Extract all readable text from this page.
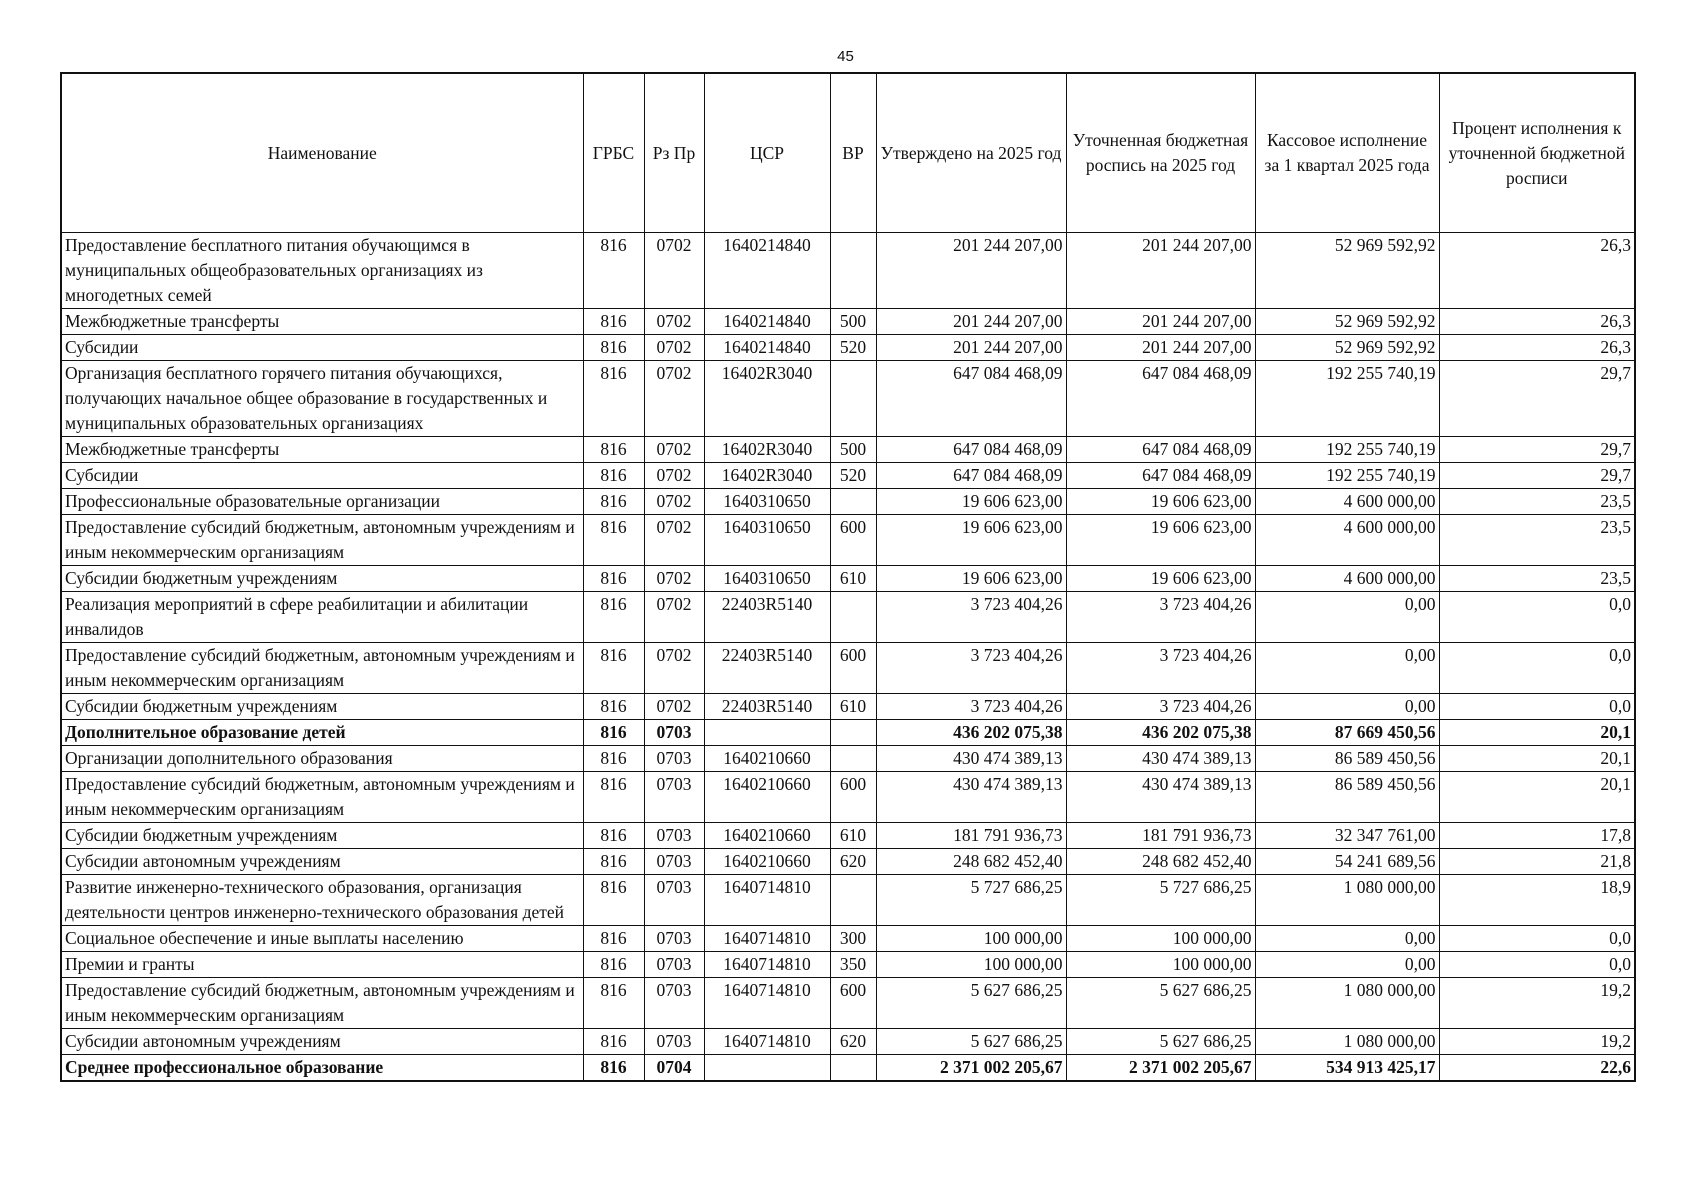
45
Наименование	ГРБС	Рз Пр	ЦСР	ВР	Утверждено на 2025 год	Уточненная бюджетная роспись на 2025 год	Кассовое исполнение за 1 квартал 2025 года	Процент исполнения к уточненной бюджетной росписи
Предоставление бесплатного питания обучающимся в муниципальных общеобразовательных организациях из многодетных семей	816	0702	1640214840		201 244 207,00	201 244 207,00	52 969 592,92	26,3
Межбюджетные трансферты	816	0702	1640214840	500	201 244 207,00	201 244 207,00	52 969 592,92	26,3
Субсидии	816	0702	1640214840	520	201 244 207,00	201 244 207,00	52 969 592,92	26,3
Организация бесплатного горячего питания обучающихся, получающих начальное общее образование в государственных и муниципальных образовательных организациях	816	0702	16402R3040		647 084 468,09	647 084 468,09	192 255 740,19	29,7
Межбюджетные трансферты	816	0702	16402R3040	500	647 084 468,09	647 084 468,09	192 255 740,19	29,7
Субсидии	816	0702	16402R3040	520	647 084 468,09	647 084 468,09	192 255 740,19	29,7
Профессиональные образовательные организации	816	0702	1640310650		19 606 623,00	19 606 623,00	4 600 000,00	23,5
Предоставление субсидий бюджетным, автономным учреждениям и иным некоммерческим организациям	816	0702	1640310650	600	19 606 623,00	19 606 623,00	4 600 000,00	23,5
Субсидии бюджетным учреждениям	816	0702	1640310650	610	19 606 623,00	19 606 623,00	4 600 000,00	23,5
Реализация мероприятий в сфере реабилитации и абилитации инвалидов	816	0702	22403R5140		3 723 404,26	3 723 404,26	0,00	0,0
Предоставление субсидий бюджетным, автономным учреждениям и иным некоммерческим организациям	816	0702	22403R5140	600	3 723 404,26	3 723 404,26	0,00	0,0
Субсидии бюджетным учреждениям	816	0702	22403R5140	610	3 723 404,26	3 723 404,26	0,00	0,0
Дополнительное образование детей	816	0703			436 202 075,38	436 202 075,38	87 669 450,56	20,1
Организации дополнительного образования	816	0703	1640210660		430 474 389,13	430 474 389,13	86 589 450,56	20,1
Предоставление субсидий бюджетным, автономным учреждениям и иным некоммерческим организациям	816	0703	1640210660	600	430 474 389,13	430 474 389,13	86 589 450,56	20,1
Субсидии бюджетным учреждениям	816	0703	1640210660	610	181 791 936,73	181 791 936,73	32 347 761,00	17,8
Субсидии автономным учреждениям	816	0703	1640210660	620	248 682 452,40	248 682 452,40	54 241 689,56	21,8
Развитие инженерно-технического образования, организация деятельности центров инженерно-технического образования детей	816	0703	1640714810		5 727 686,25	5 727 686,25	1 080 000,00	18,9
Социальное обеспечение и иные выплаты населению	816	0703	1640714810	300	100 000,00	100 000,00	0,00	0,0
Премии и гранты	816	0703	1640714810	350	100 000,00	100 000,00	0,00	0,0
Предоставление субсидий бюджетным, автономным учреждениям и иным некоммерческим организациям	816	0703	1640714810	600	5 627 686,25	5 627 686,25	1 080 000,00	19,2
Субсидии автономным учреждениям	816	0703	1640714810	620	5 627 686,25	5 627 686,25	1 080 000,00	19,2
Среднее профессиональное образование	816	0704			2 371 002 205,67	2 371 002 205,67	534 913 425,17	22,6
